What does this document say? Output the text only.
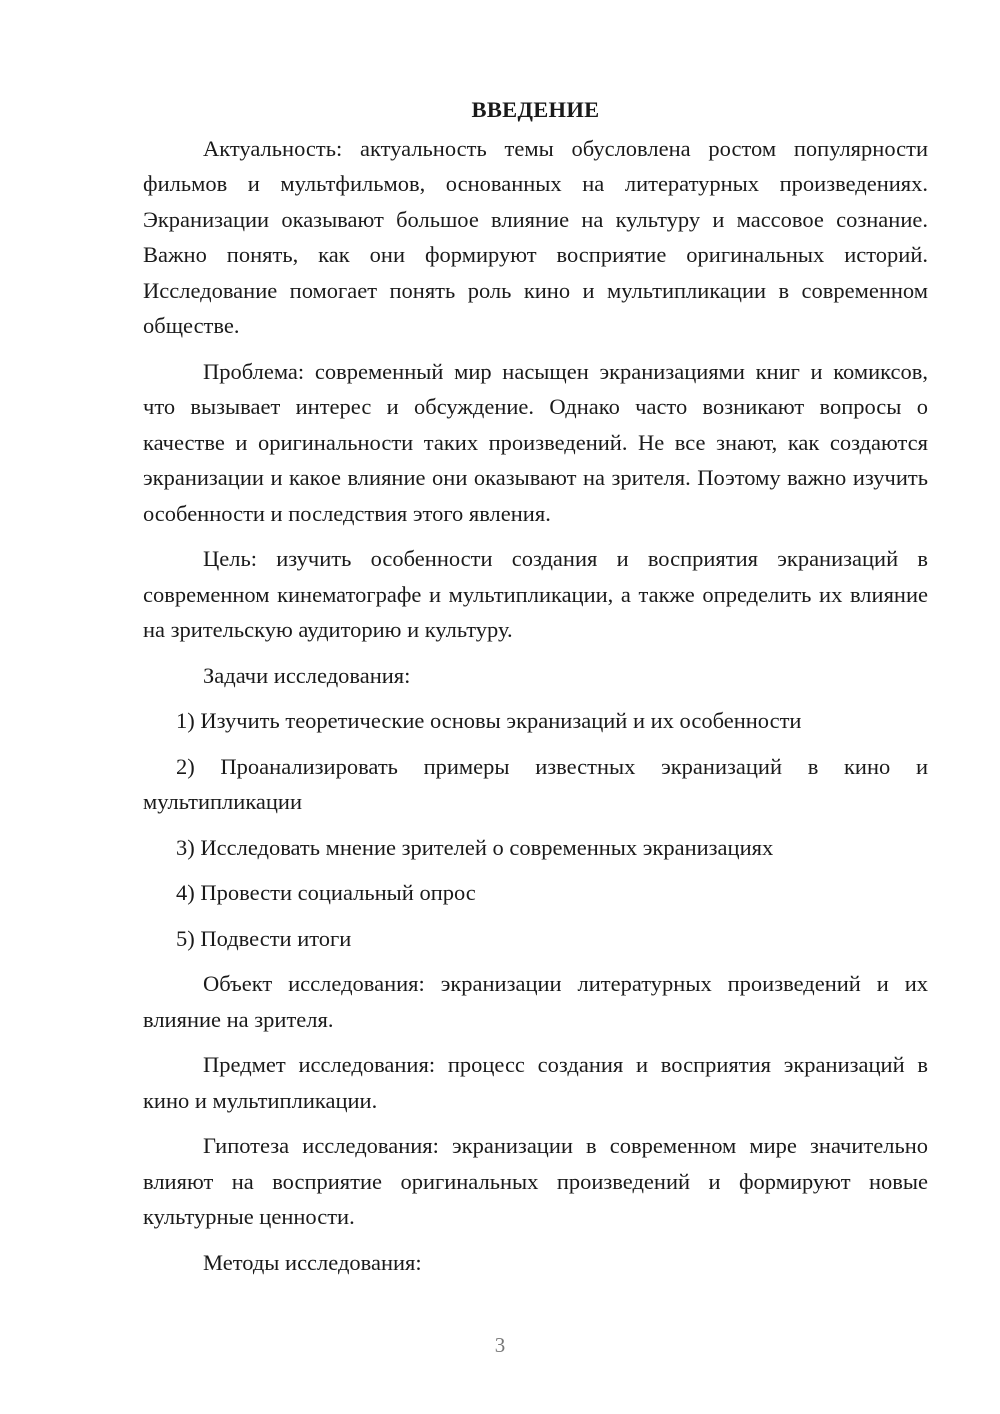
ВВЕДЕНИЕ

Актуальность: актуальность темы обусловлена ростом популярности фильмов и мультфильмов, основанных на литературных произведениях. Экранизации оказывают большое влияние на культуру и массовое сознание. Важно понять, как они формируют восприятие оригинальных историй. Исследование помогает понять роль кино и мультипликации в современном обществе.

Проблема: современный мир насыщен экранизациями книг и комиксов, что вызывает интерес и обсуждение. Однако часто возникают вопросы о качестве и оригинальности таких произведений. Не все знают, как создаются экранизации и какое влияние они оказывают на зрителя. Поэтому важно изучить особенности и последствия этого явления.

Цель: изучить особенности создания и восприятия экранизаций в современном кинематографе и мультипликации, а также определить их влияние на зрительскую аудиторию и культуру.

Задачи исследования:

1) Изучить теоретические основы экранизаций и их особенности

2) Проанализировать примеры известных экранизаций в кино и мультипликации

3) Исследовать мнение зрителей о современных экранизациях

4) Провести социальный опрос

5) Подвести итоги

Объект исследования: экранизации литературных произведений и их влияние на зрителя.

Предмет исследования: процесс создания и восприятия экранизаций в кино и мультипликации.

Гипотеза исследования: экранизации в современном мире значительно влияют на восприятие оригинальных произведений и формируют новые культурные ценности.

Методы исследования:

3
